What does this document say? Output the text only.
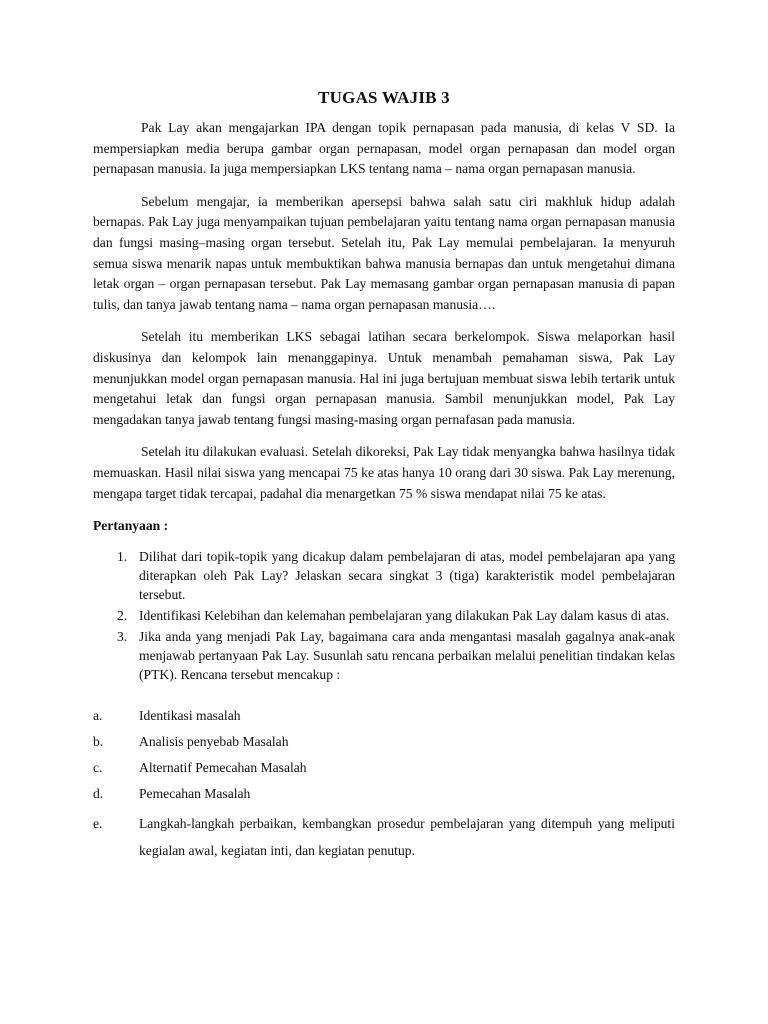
TUGAS WAJIB 3

Pak Lay akan mengajarkan IPA dengan topik pernapasan pada manusia, di kelas V SD. Ia mempersiapkan media berupa gambar organ pernapasan, model organ pernapasan dan model organ pernapasan manusia. Ia juga mempersiapkan LKS tentang nama – nama organ pernapasan manusia.

Sebelum mengajar, ia memberikan apersepsi bahwa salah satu ciri makhluk hidup adalah bernapas. Pak Lay juga menyampaikan tujuan pembelajaran yaitu tentang nama organ pernapasan manusia dan fungsi masing–masing organ tersebut. Setelah itu, Pak Lay memulai pembelajaran. Ia menyuruh semua siswa menarik napas untuk membuktikan bahwa manusia bernapas dan untuk mengetahui dimana letak organ – organ pernapasan tersebut. Pak Lay memasang gambar organ pernapasan manusia di papan tulis, dan tanya jawab tentang nama – nama organ pernapasan manusia….

Setelah itu memberikan LKS sebagai latihan secara berkelompok. Siswa melaporkan hasil diskusinya dan kelompok lain menanggapinya. Untuk menambah pemahaman siswa, Pak Lay menunjukkan model organ pernapasan manusia. Hal ini juga bertujuan membuat siswa lebih tertarik untuk mengetahui letak dan fungsi organ pernapasan manusia. Sambil menunjukkan model, Pak Lay mengadakan tanya jawab tentang fungsi masing-masing organ pernafasan pada manusia.

Setelah itu dilakukan evaluasi. Setelah dikoreksi, Pak Lay tidak menyangka bahwa hasilnya tidak memuaskan. Hasil nilai siswa yang mencapai 75 ke atas hanya 10 orang dari 30 siswa. Pak Lay merenung, mengapa target tidak tercapai, padahal dia menargetkan 75 % siswa mendapat nilai 75 ke atas.

Pertanyaan :
1. Dilihat dari topik-topik yang dicakup dalam pembelajaran di atas, model pembelajaran apa yang diterapkan oleh Pak Lay? Jelaskan secara singkat 3 (tiga) karakteristik model pembelajaran tersebut.
2. Identifikasi Kelebihan dan kelemahan pembelajaran yang dilakukan Pak Lay dalam kasus di atas.
3. Jika anda yang menjadi Pak Lay, bagaimana cara anda mengantasi masalah gagalnya anak-anak menjawab pertanyaan Pak Lay. Susunlah satu rencana perbaikan melalui penelitian tindakan kelas (PTK). Rencana tersebut mencakup :
a.	Identikasi masalah
b.	Analisis penyebab Masalah
c.	Alternatif Pemecahan Masalah
d.	Pemecahan Masalah
e.	Langkah-langkah perbaikan, kembangkan prosedur pembelajaran yang ditempuh yang meliputi kegialan awal, kegiatan inti, dan kegiatan penutup.
